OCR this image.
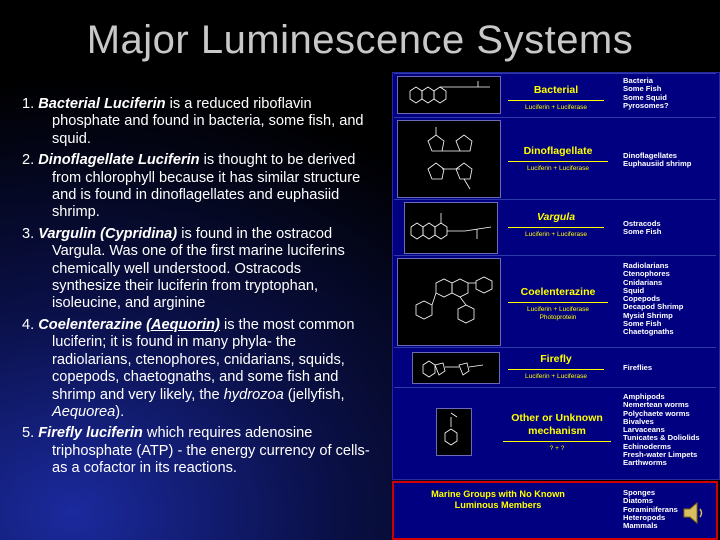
Major Luminescence Systems

1. Bacterial Luciferin is a reduced riboflavin phosphate and found in bacteria, some fish, and squid.

2. Dinoflagellate Luciferin is thought to be derived from chlorophyll because it has similar structure and is found in dinoflagellates and euphasiid shrimp.

3. Vargulin (Cypridina) is found in the ostracod Vargula. Was one of the first marine luciferins chemically well understood. Ostracods synthesize their luciferin from tryptophan, isoleucine, and arginine

4. Coelenterazine (Aequorin) is the most common luciferin; it is found in many phyla- the radiolarians, ctenophores, cnidarians, squids, copepods, chaetognaths, and some fish and shrimp and very likely, the hydrozoa (jellyfish, Aequorea).

5. Firefly luciferin which requires adenosine triphosphate (ATP) - the energy currency of cells- as a cofactor in its reactions.

Bacterial
Luciferin + Luciferase
Bacteria
Some Fish
Some Squid
Pyrosomes?
Dinoflagellate
Luciferin + Luciferase
Dinoflagellates
Euphausiid shrimp
Vargula
Luciferin + Luciferase
Ostracods
Some Fish
Coelenterazine
Luciferin + Luciferase
Photoprotein
Radiolarians
Ctenophores
Cnidarians
Squid
Copepods
Decapod Shrimp
Mysid Shrimp
Some Fish
Chaetognaths
Firefly
Luciferin + Luciferase
Fireflies
Other or Unknown mechanism
? + ?
Amphipods
Nemertean worms
Polychaete worms
Bivalves
Larvaceans
Tunicates & Doliolids
Echinoderms
Fresh-water Limpets
Earthworms
Marine Groups with No Known Luminous Members
Sponges
Diatoms
Foraminiferans
Heteropods
Mammals
